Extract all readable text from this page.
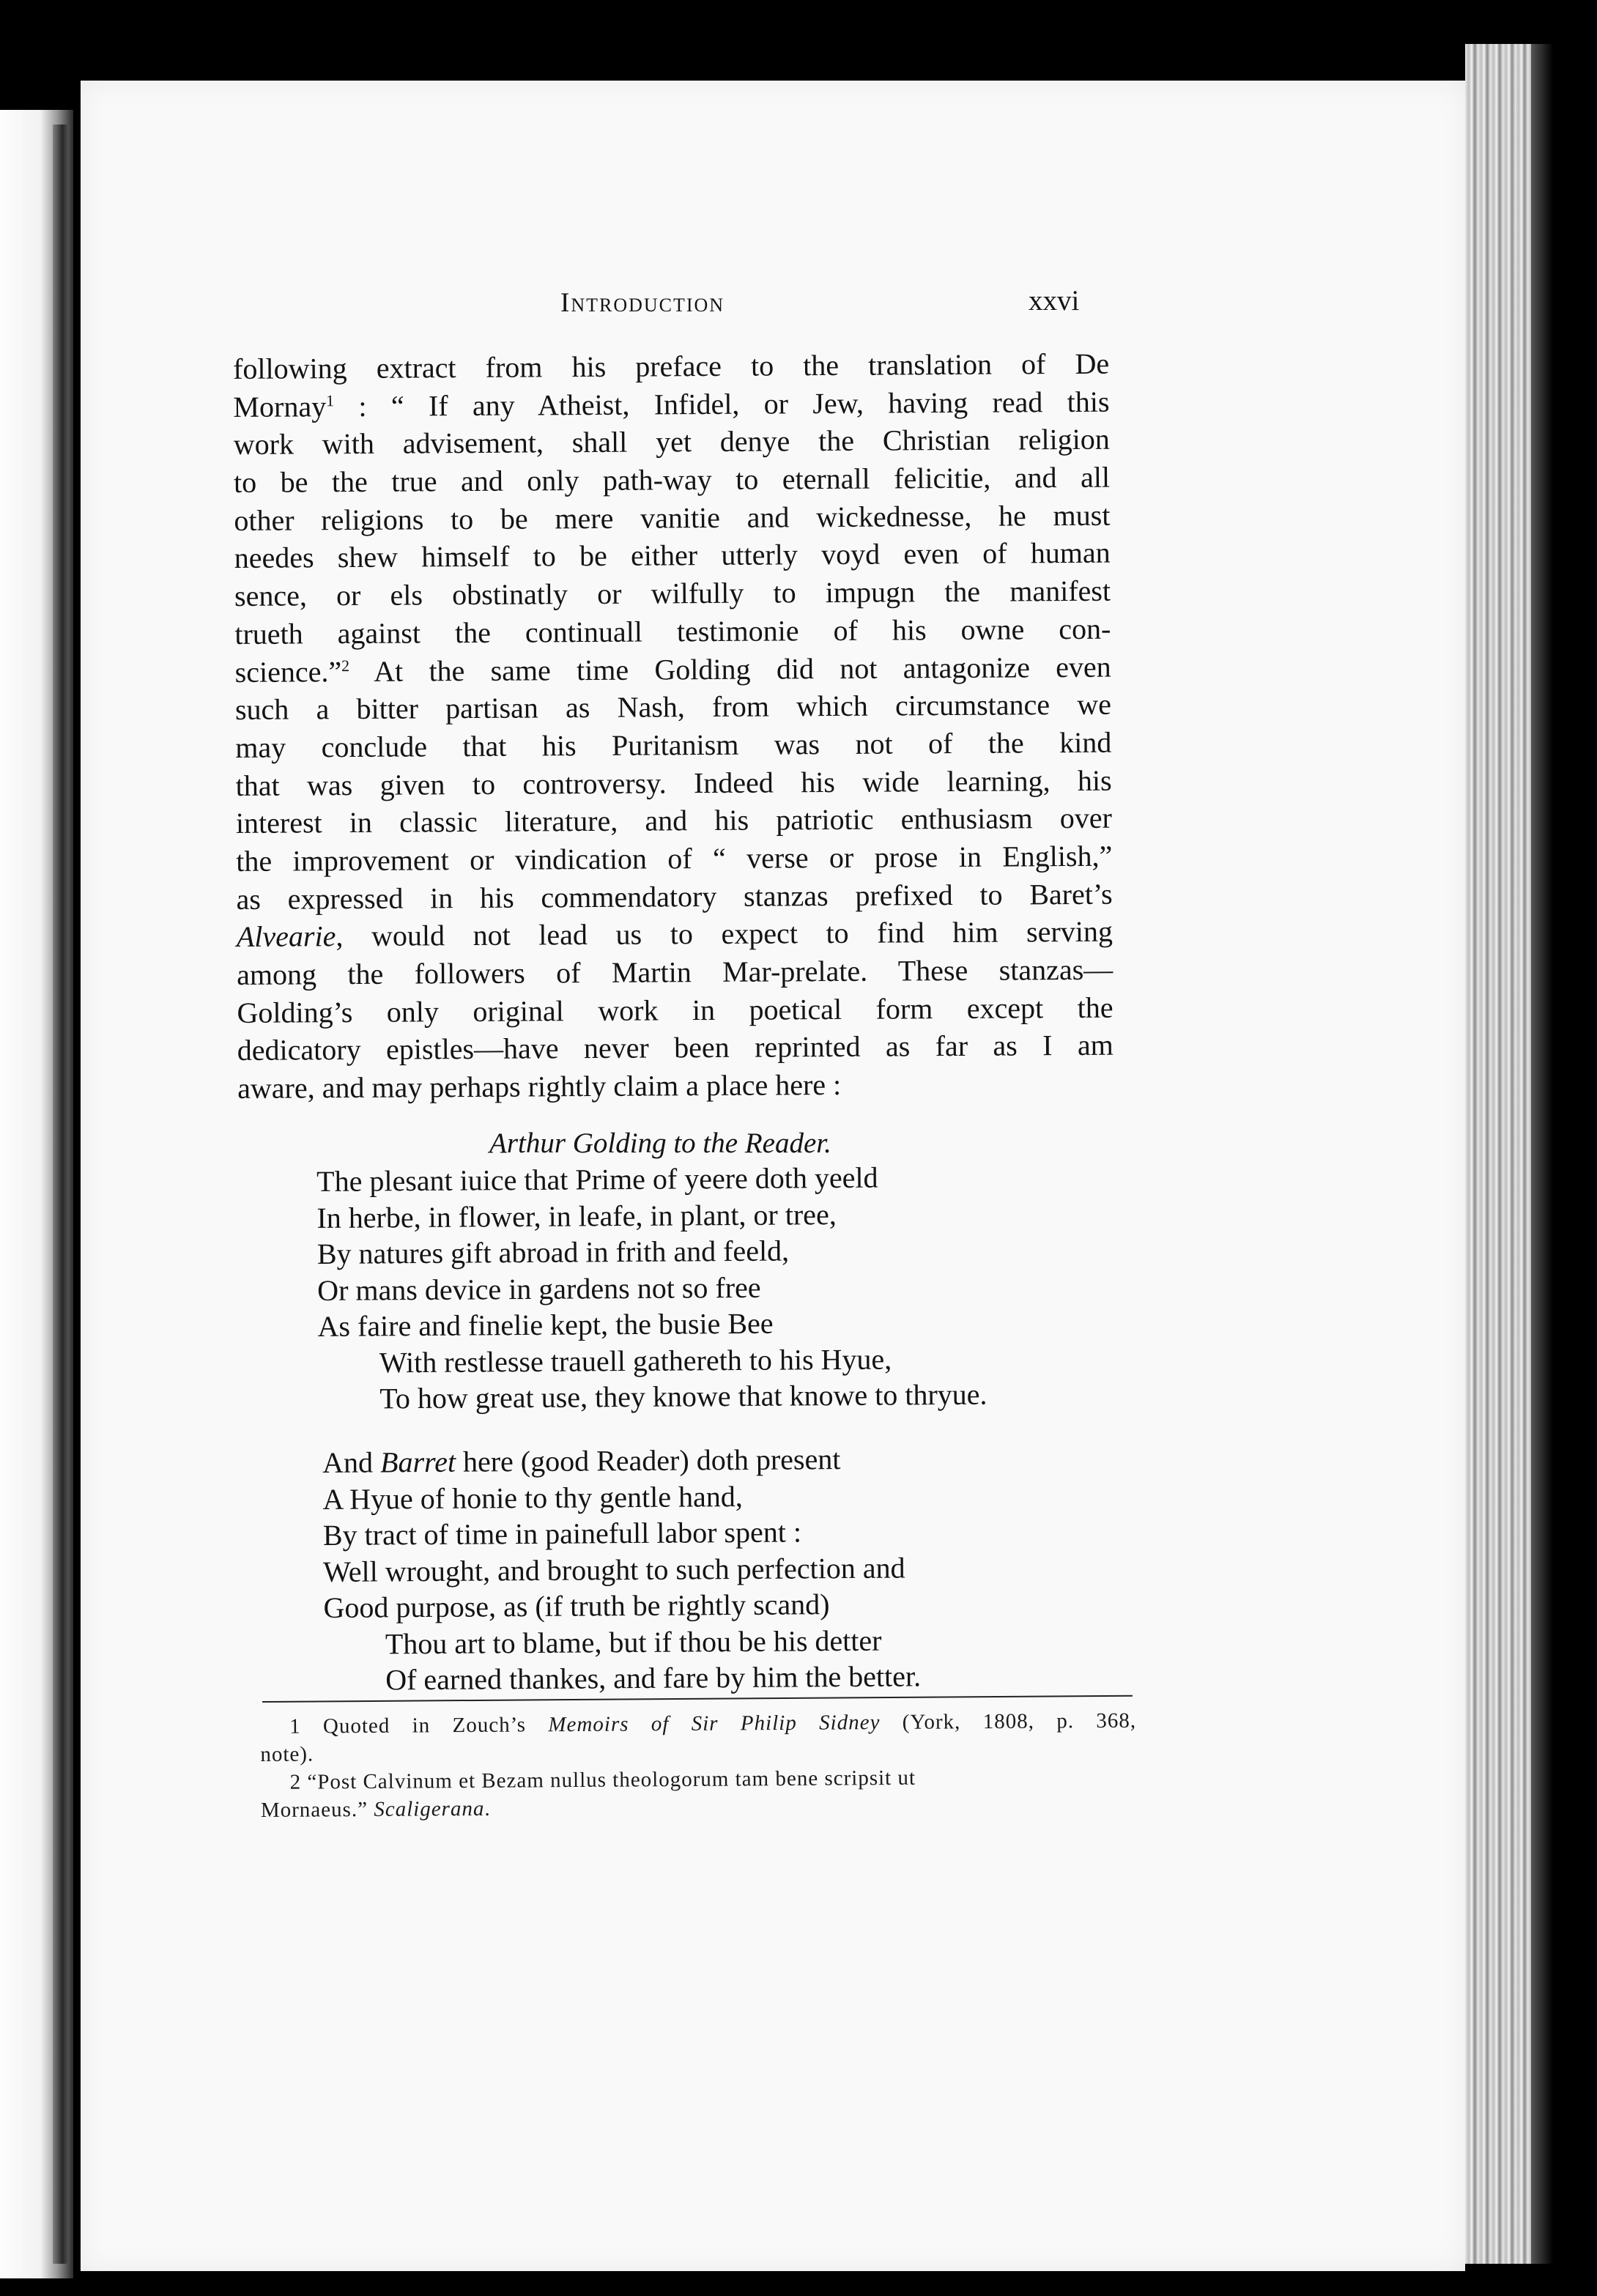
Introduction	xxvi
following extract from his preface to the translation of De
Mornay$^1$ : “ If any Atheist, Infidel, or Jew, having read this
work with advisement, shall yet denye the Christian religion
to be the true and only path-way to eternall felicitie, and all
other religions to be mere vanitie and wickednesse, he must
needes shew himself to be either utterly voyd even of human
sence, or els obstinatly or wilfully to impugn the manifest
trueth against the continuall testimonie of his owne con-
science.”$^2$ At the same time Golding did not antagonize even
such a bitter partisan as Nash, from which circumstance we
may conclude that his Puritanism was not of the kind
that was given to controversy. Indeed his wide learning, his
interest in classic literature, and his patriotic enthusiasm over
the improvement or vindication of “ verse or prose in English,”
as expressed in his commendatory stanzas prefixed to Baret’s
Alvearie, would not lead us to expect to find him serving
among the followers of Martin Mar-prelate. These stanzas—
Golding’s only original work in poetical form except the
dedicatory epistles—have never been reprinted as far as I am
aware, and may perhaps rightly claim a place here :
Arthur Golding to the Reader.
The plesant iuice that Prime of yeere doth yeeld
In herbe, in flower, in leafe, in plant, or tree,
By natures gift abroad in frith and feeld,
Or mans device in gardens not so free
As faire and finelie kept, the busie Bee
With restlesse trauell gathereth to his Hyue,
To how great use, they knowe that knowe to thryue.
And Barret here (good Reader) doth present
A Hyue of honie to thy gentle hand,
By tract of time in painefull labor spent :
Well wrought, and brought to such perfection and
Good purpose, as (if truth be rightly scand)
Thou art to blame, but if thou be his detter
Of earned thankes, and fare by him the better.
1 Quoted in Zouch’s Memoirs of Sir Philip Sidney (York, 1808, p. 368,
note).
2 “Post Calvinum et Bezam nullus theologorum tam bene scripsit ut
Mornaeus.” Scaligerana.
